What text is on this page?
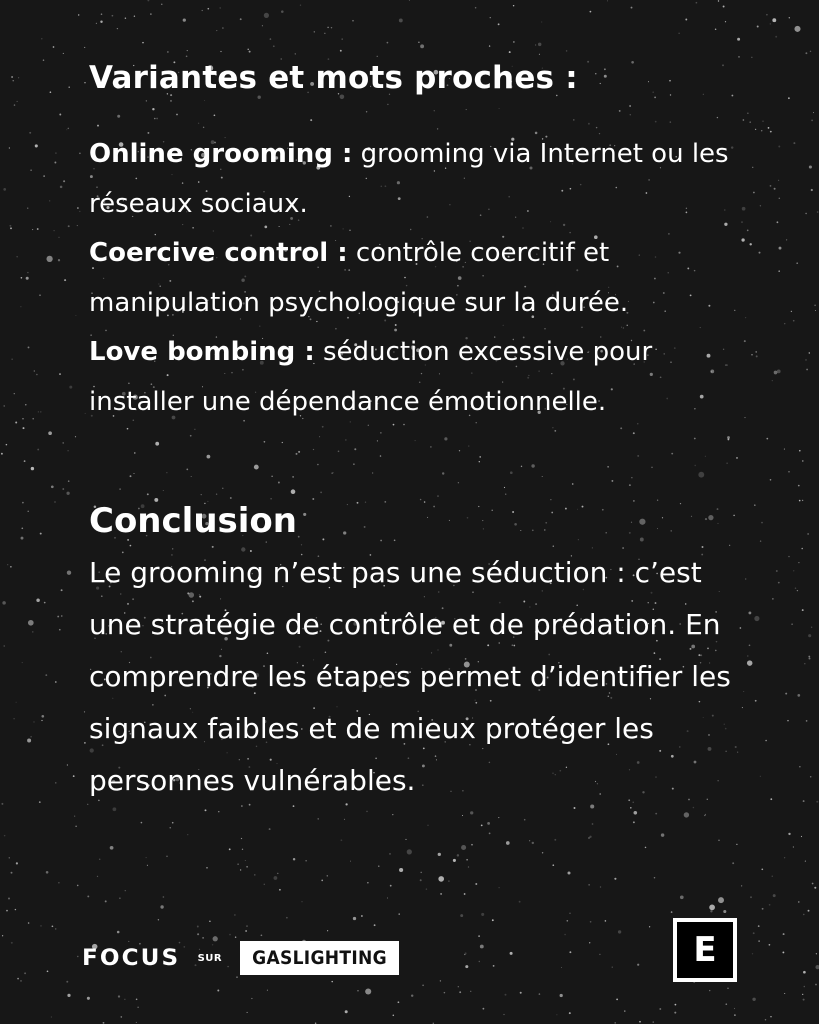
Variantes et mots proches :
Online grooming : grooming via Internet ou les réseaux sociaux.
Coercive control : contrôle coercitif et manipulation psychologique sur la durée.
Love bombing : séduction excessive pour installer une dépendance émotionnelle.
Conclusion
Le grooming n’est pas une séduction : c’est une stratégie de contrôle et de prédation. En comprendre les étapes permet d’identifier les signaux faibles et de mieux protéger les personnes vulnérables.
FOCUS SUR	GASLIGHTING	E
